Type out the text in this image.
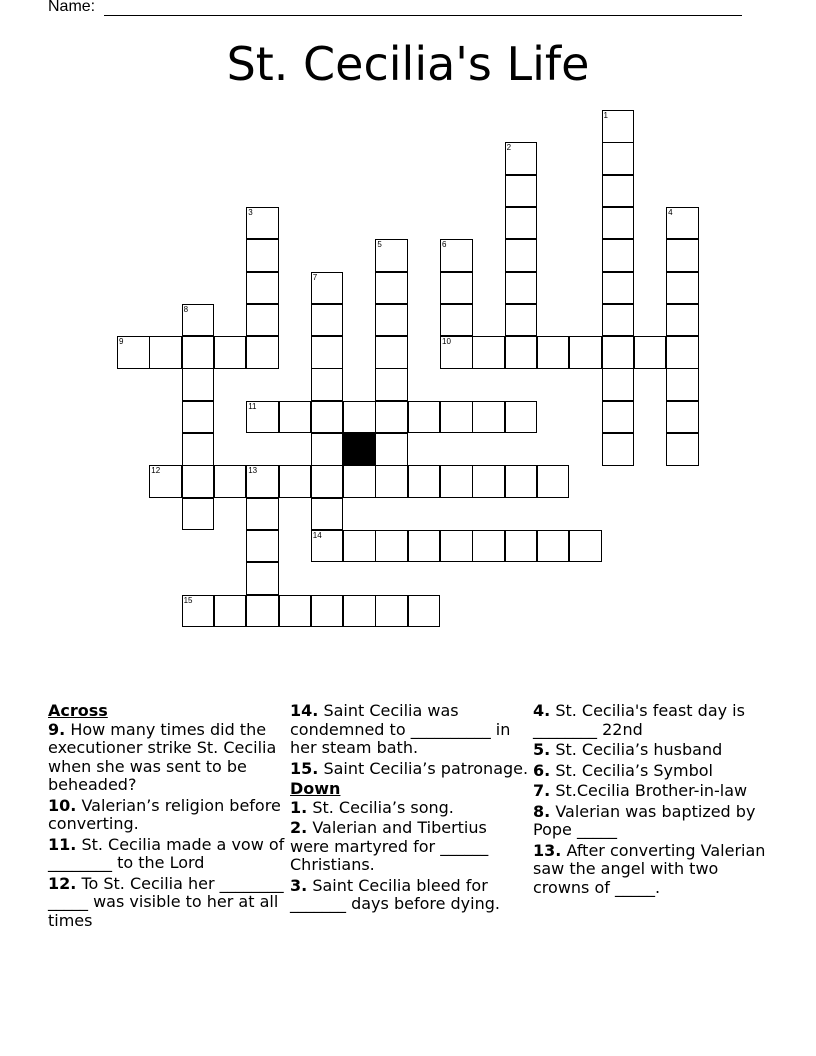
Name:
St. Cecilia's Life
1
2
3	4
5	6
10
7
8
9
11
12	13
14
15
Across
9. How many times did the executioner strike St. Cecilia when she was sent to be beheaded?
10. Valerian’s religion before converting.
11. St. Cecilia made a vow of ________ to the Lord
12. To St. Cecilia her ________ _____ was visible to her at all times
14. Saint Cecilia was condemned to __________ in her steam bath.
15. Saint Cecilia’s patronage.
Down
1. St. Cecilia’s song.
2. Valerian and Tibertius were martyred for ______ Christians.
3. Saint Cecilia bleed for _______ days before dying.
4. St. Cecilia's feast day is ________ 22nd
5. St. Cecilia’s husband
6. St. Cecilia’s Symbol
7. St.Cecilia Brother-in-law
8. Valerian was baptized by Pope _____
13. After converting Valerian saw the angel with two crowns of _____.
